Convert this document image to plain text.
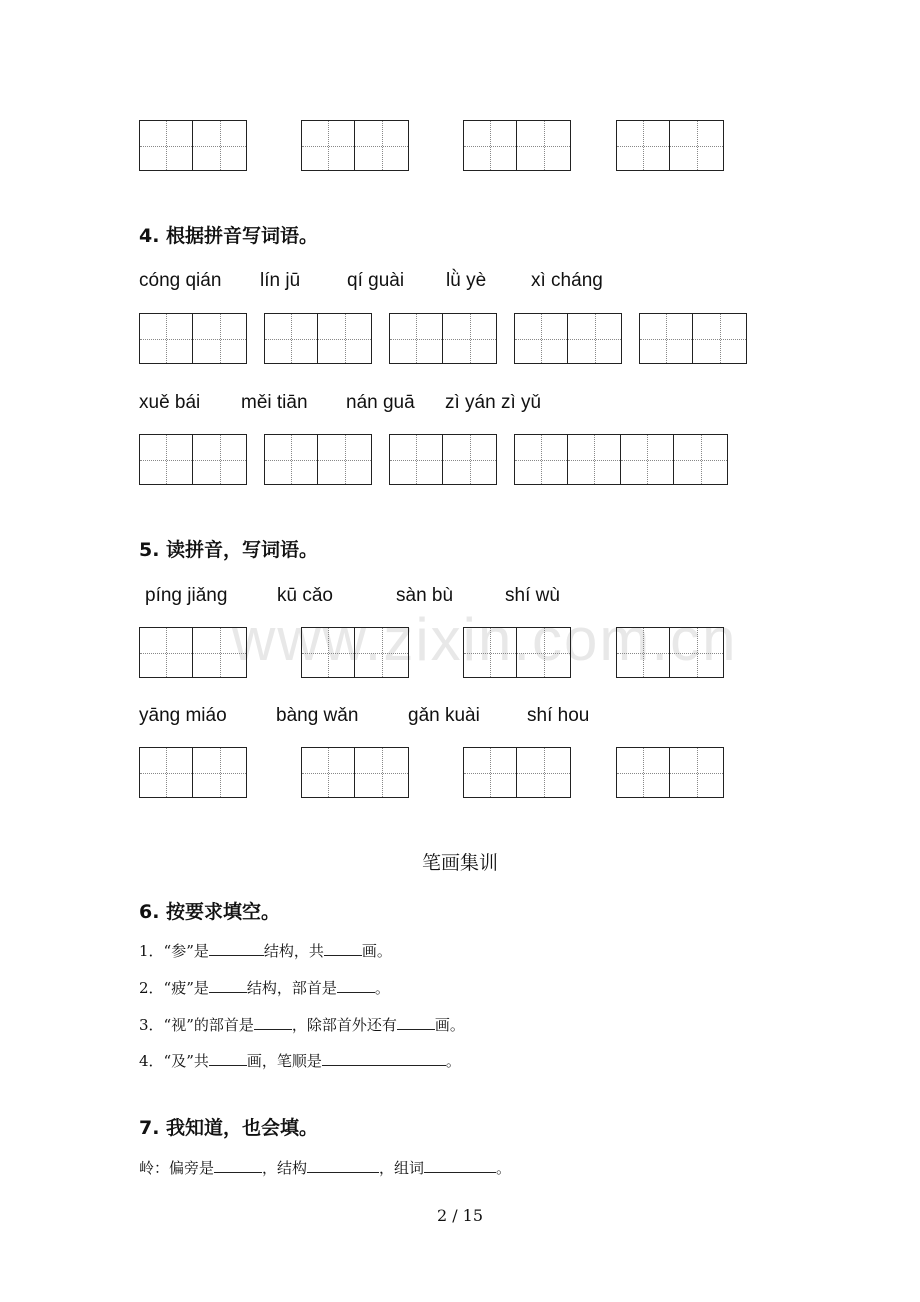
www.zixin.com.cn
4. 根据拼音写词语。
cóng qián lín jū qí guài lǜ yè xì cháng
xuě bái měi tiān nán guā zì yán zì yǔ
5. 读拼音，写词语。
píng jiǎng	kū cǎo	sàn bù	shí wù
yāng miáo	bàng wǎn	gǎn kuài shí hou
笔画集训
6. 按要求填空。
1．“参”是	结构，共	画。
2．“疲”是	结构，部首是	。
3．“视”的部首是	，除部首外还有	画。
4．“及”共	画，笔顺是	。
7. 我知道，也会填。
岭：偏旁是	，结构	，组词	。
2 / 15
